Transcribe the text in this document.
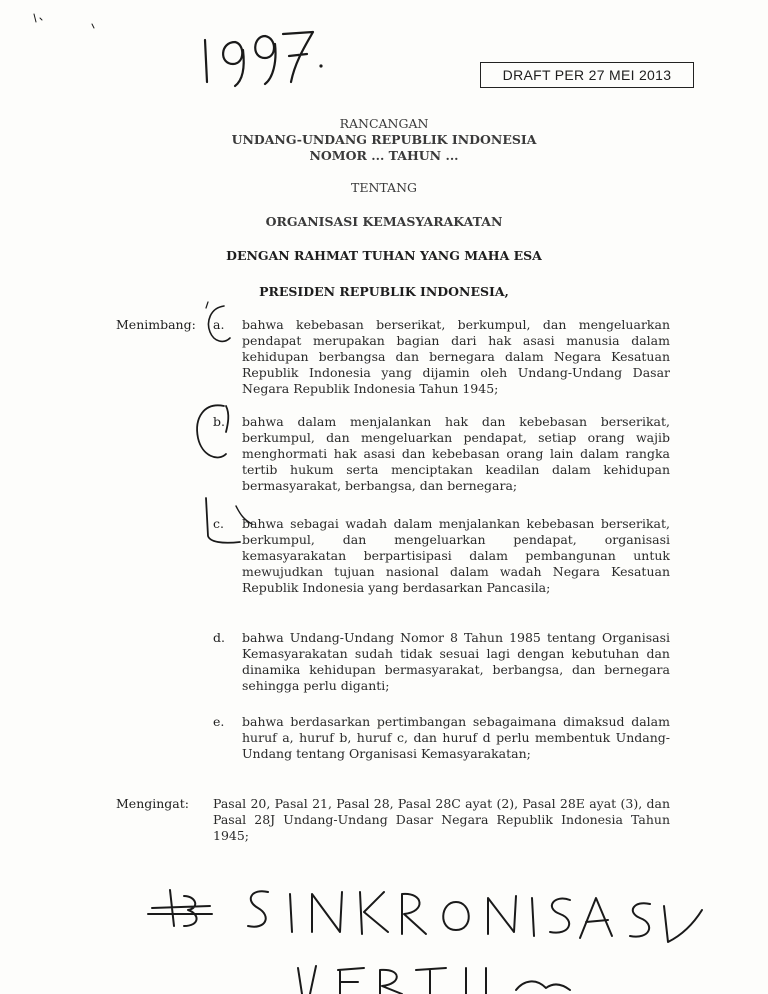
DRAFT PER 27 MEI 2013
RANCANGAN
UNDANG-UNDANG REPUBLIK INDONESIA
NOMOR ... TAHUN ...
TENTANG
ORGANISASI KEMASYARAKATAN
DENGAN RAHMAT TUHAN YANG MAHA ESA
PRESIDEN REPUBLIK INDONESIA,
Menimbang: a. bahwa kebebasan berserikat, berkumpul, dan mengeluarkan pendapat merupakan bagian dari hak asasi manusia dalam kehidupan berbangsa dan bernegara dalam Negara Kesatuan Republik Indonesia yang dijamin oleh Undang-Undang Dasar Negara Republik Indonesia Tahun 1945;
b. bahwa dalam menjalankan hak dan kebebasan berserikat, berkumpul, dan mengeluarkan pendapat, setiap orang wajib menghormati hak asasi dan kebebasan orang lain dalam rangka tertib hukum serta menciptakan keadilan dalam kehidupan bermasyarakat, berbangsa, dan bernegara;
c. bahwa sebagai wadah dalam menjalankan kebebasan berserikat, berkumpul, dan mengeluarkan pendapat, organisasi kemasyarakatan berpartisipasi dalam pembangunan untuk mewujudkan tujuan nasional dalam wadah Negara Kesatuan Republik Indonesia yang berdasarkan Pancasila;
d. bahwa Undang-Undang Nomor 8 Tahun 1985 tentang Organisasi Kemasyarakatan sudah tidak sesuai lagi dengan kebutuhan dan dinamika kehidupan bermasyarakat, berbangsa, dan bernegara sehingga perlu diganti;
e. bahwa berdasarkan pertimbangan sebagaimana dimaksud dalam huruf a, huruf b, huruf c, dan huruf d perlu membentuk Undang-Undang tentang Organisasi Kemasyarakatan;
Mengingat: Pasal 20, Pasal 21, Pasal 28, Pasal 28C ayat (2), Pasal 28E ayat (3), dan Pasal 28J Undang-Undang Dasar Negara Republik Indonesia Tahun 1945;
